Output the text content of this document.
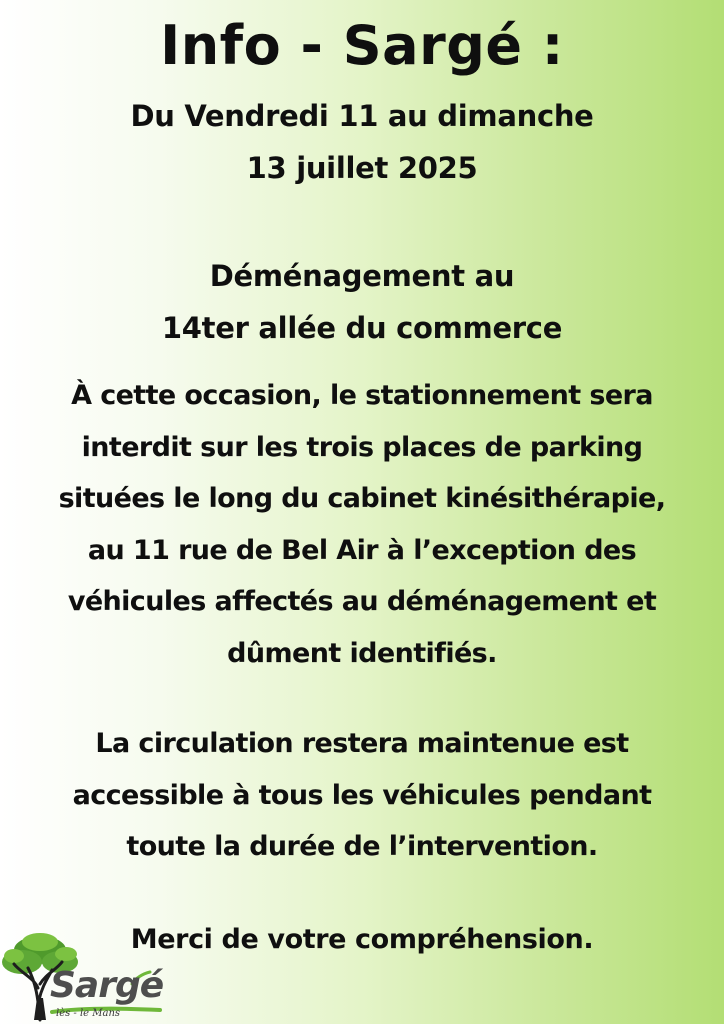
Info - Sargé :
Du Vendredi 11 au dimanche
13 juillet 2025
Déménagement au
14ter allée du commerce
À cette occasion, le stationnement sera
interdit sur les trois places de parking
situées le long du cabinet kinésithérapie,
au 11 rue de Bel Air à l’exception des
véhicules affectés au déménagement et
dûment identifiés.
La circulation restera maintenue est
accessible à tous les véhicules pendant
toute la durée de l’intervention.
Merci de votre compréhension.
Sargé
lès - le Mans
